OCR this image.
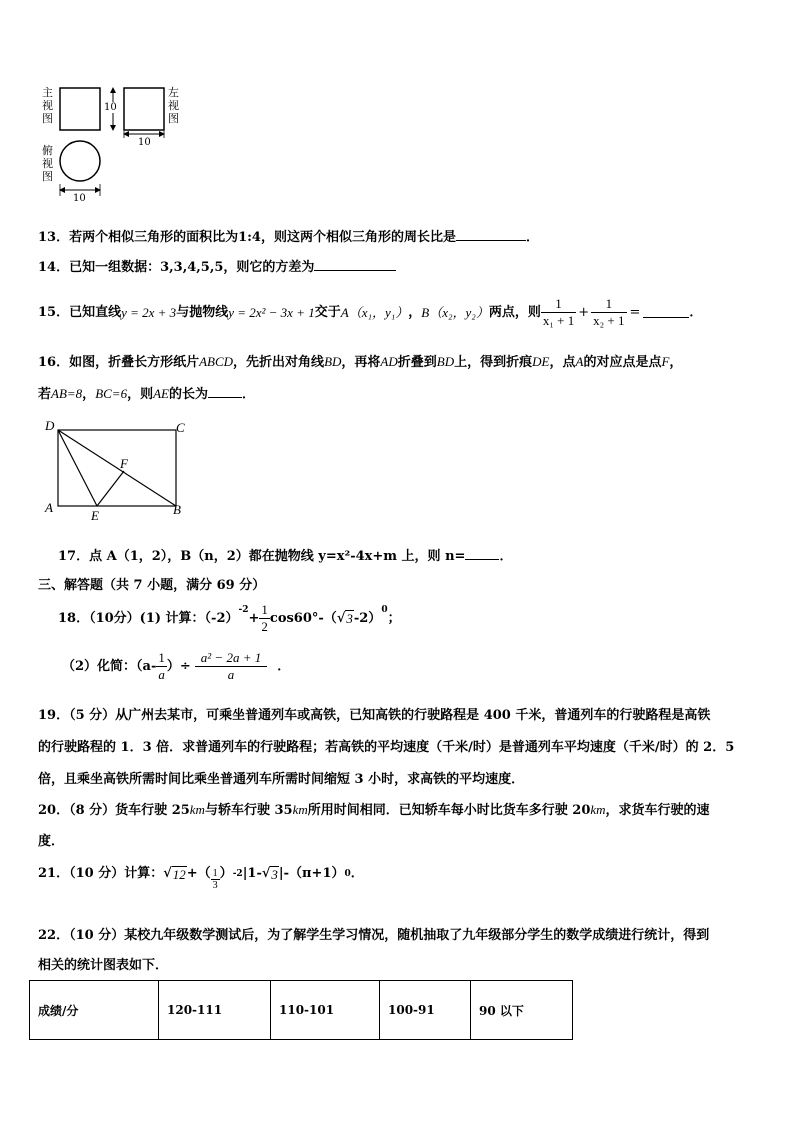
主视图
左视图
俯视图
10
10
10
13．若两个相似三角形的面积比为1:4，则这两个相似三角形的周长比是	．
14．已知一组数据：3,3,4,5,5，则它的方差为
15．已知直线 y = 2x + 3 与抛物线 y = 2x² − 3x + 1 交于 A（x₁，y₁） ， B（x₂，y₂） 两点，则 $\frac{1}{\text{x₁ + 1}} + \frac{1}{\text{x₂ + 1}}$ =	．
16．如图，折叠长方形纸片ABCD，先折出对角线BD，再将AD折叠到BD上，得到折痕DE，点A的对应点是点F，
若AB=8，BC=6，则AE的长为	．
D	C
F
A
E	B
17．点 A（1，2），B（n，2）都在抛物线 y=x²-4x+m 上，则 n=	．
三、解答题（共 7 小题，满分 69 分）
18．（10分）(1) 计算：（-2）
-2
+ $\frac{1}{2} \cos 60^\circ-$（ √ 3 -2）
0
；
（2）化简：（$a- \frac{1}{a}$ ）÷ $\frac{\text{a² − 2a + 1}}{a}$ ．
19．（5 分）从广州去某市，可乘坐普通列车或高铁，已知高铁的行驶路程是 400 千米，普通列车的行驶路程是高铁
的行驶路程的 1．3 倍．求普通列车的行驶路程；若高铁的平均速度（千米/时）是普通列车平均速度（千米/时）的 2．5
倍，且乘坐高铁所需时间比乘坐普通列车所需时间缩短 3 小时，求高铁的平均速度．
20．（8 分）货车行驶 25km与轿车行驶 35km所用时间相同．已知轿车每小时比货车多行驶 20km，求货车行驶的速
度．
21．（10 分）计算： √ 12 +（ $\frac{1}{3}$ ） -2 |1- √ 3 |-（π+1） 0 ．
22．（10 分）某校九年级数学测试后，为了解学生学习情况，随机抽取了九年级部分学生的数学成绩进行统计，得到
相关的统计图表如下．
成绩/分	120-111	110-101	100-91	90 以下
